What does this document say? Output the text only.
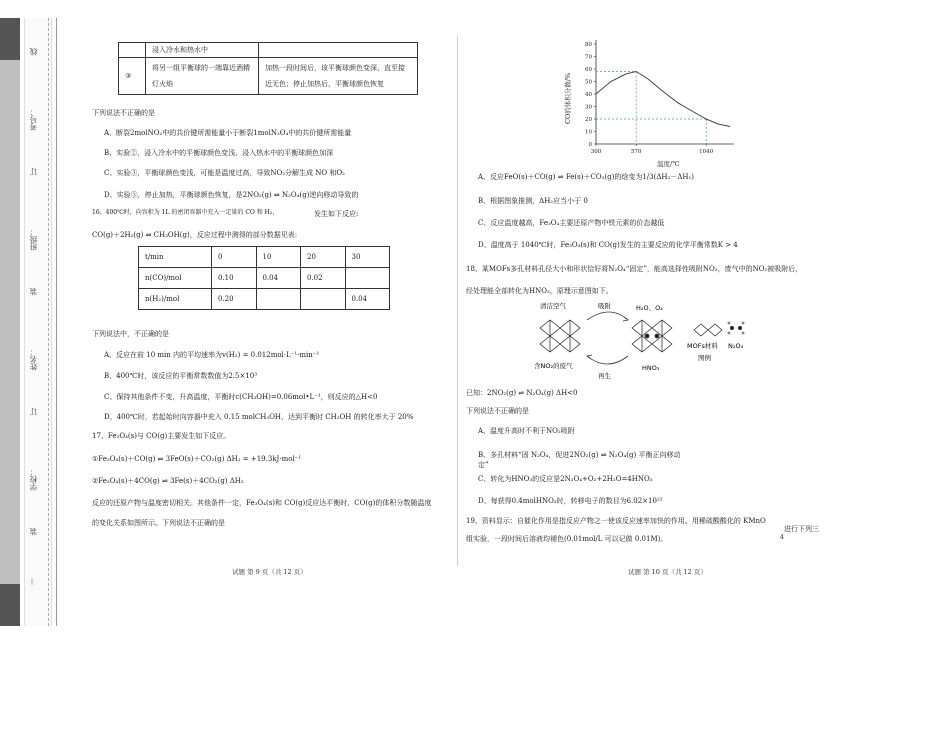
线
考号：
订
班级：
装
姓名：
订
学校：
装
···
	浸入冷水和热水中	
③	将另一组平衡球的一端靠近酒精灯火焰	加热一段时间后，该平衡球颜色变深，直至接近无色；停止加热后，平衡球颜色恢复
下列说法不正确的是
A、断裂2molNO₂中的共价键所需能量小于断裂1molN₂O₄中的共价键所需能量
B、实验②，浸入冷水中的平衡球颜色变浅、浸入热水中的平衡球颜色加深
C、实验③，平衡球颜色变浅，可能是温度过高，导致NO₂分解生成 NO 和O₂
D、实验③，停止加热，平衡球颜色恢复，是2NO₂(g) ⇌ N₂O₄(g)逆向移动导致的
16、400℃时，向容积为 1L 的密闭容器中充入一定量的 CO 和 H₂，	发生如下反应:
CO(g)＋2H₂(g) ⇌ CH₃OH(g)，反应过程中测得的部分数据见表:
t/min	0	10	20	30
n(CO)/mol	0.10	0.04	0.02	
n(H₂)/mol	0.20			0.04
下列说法中，不正确的是
A、反应在前 10 min 内的平均速率为v(H₂) = 0.012mol·L⁻¹·min⁻¹
B、400℃时，该反应的平衡常数数值为2.5×10³
C、保持其他条件不变，升高温度，平衡时c(CH₃OH)=0.06mol•L⁻¹，则反应的△H<0
D、400℃时，若起始时向容器中充入 0.15 molCH₃OH，达到平衡时 CH₃OH 的转化率大于 20%
17、Fe₃O₄(s)与 CO(g)主要发生如下反应。
①Fe₃O₄(s)＋CO(g) ⇌ 3FeO(s)＋CO₂(g) ΔH₁ = +19.3kJ·mol⁻¹
②Fe₃O₄(s)＋4CO(g) ⇌ 3Fe(s)＋4CO₂(g) ΔH₂
反应的还原产物与温度密切相关。其他条件一定，Fe₃O₄(s)和 CO(g)反应达平衡时，CO(g)的体积分数随温度
的变化关系如图所示。下列说法不正确的是
试题 第 9 页（共 12 页）
0
10
20
30
40
50
60
70
80
300	570	1040
CO的体积分数/%
温度/℃
A、反应FeO(s)＋CO(g) ⇌ Fe(s)＋CO₂(g)的焓变为1/3(ΔH₂－ΔH₁)
B、根据图象推测，ΔH₂应当小于 0
C、反应温度越高，Fe₃O₄主要还原产物中铁元素的价态越低
D、温度高于 1040℃时，Fe₃O₄(s)和 CO(g)发生的主要反应的化学平衡常数K > 4
18、某MOFs多孔材料孔径大小和形状恰好将N₂O₄“固定”，能高选择性吸附NO₂，废气中的NO₂被吸附后，
经处理能全部转化为HNO₃，原理示意图如下。
清洁空气	吸附	H₂O、O₂
含NO₂的废气
再生
HNO₃
MOFs材料 N₂O₄
图例
已知：2NO₂(g) ⇌ N₂O₄(g) ΔH<0
下列说法不正确的是
A、温度升高时不利于NO₂吸附
B、多孔材料“固 N₂O₄，促进2NO₂(g) ⇌ N₂O₄(g) 平衡正向移动
定”
C、转化为HNO₃的反应是2N₂O₄+O₂+2H₂O=4HNO₃
D、每获得0.4molHNO₃时，转移电子的数目为6.02×10²²
19、资料显示：自催化作用是指反应产物之一使该反应速率加快的作用。用稀硫酸酸化的 KMnO
进行下列三
4
组实验，一段时间后溶液均褪色(0.01mol/L 可以记做 0.01M)。
试题 第 10 页（共 12 页）
